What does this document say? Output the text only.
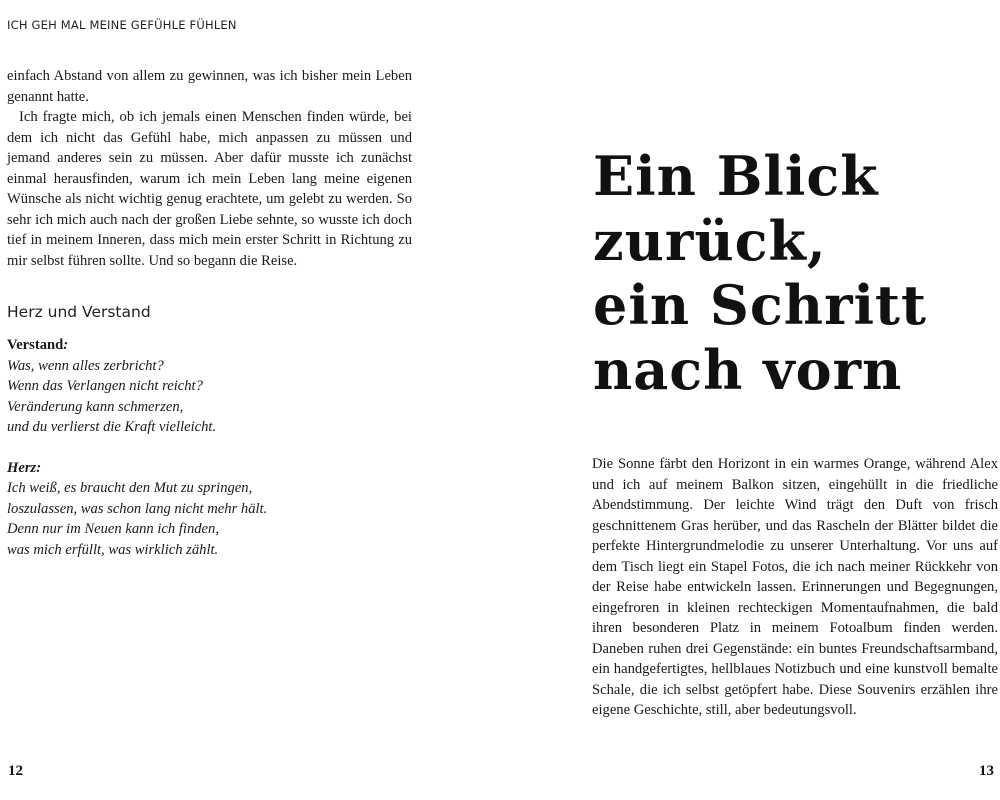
ICH GEH MAL MEINE GEFÜHLE FÜHLEN

einfach Abstand von allem zu gewinnen, was ich bisher mein Leben genannt hatte.

Ich fragte mich, ob ich jemals einen Menschen finden würde, bei dem ich nicht das Gefühl habe, mich anpassen zu müssen und jemand anderes sein zu müssen. Aber dafür musste ich zunächst einmal herausfinden, warum ich mein Leben lang meine eigenen Wünsche als nicht wichtig genug erachtete, um gelebt zu werden. So sehr ich mich auch nach der großen Liebe sehnte, so wusste ich doch tief in meinem Inneren, dass mich mein erster Schritt in Richtung zu mir selbst führen sollte. Und so begann die Reise.

Herz und Verstand
Verstand:
Was, wenn alles zerbricht?
Wenn das Verlangen nicht reicht?
Veränderung kann schmerzen,
und du verlierst die Kraft vielleicht.
Herz:
Ich weiß, es braucht den Mut zu springen,
loszulassen, was schon lang nicht mehr hält.
Denn nur im Neuen kann ich finden,
was mich erfüllt, was wirklich zählt.
12
Ein Blick
zurück,
ein Schritt
nach vorn

Die Sonne färbt den Horizont in ein warmes Orange, während Alex und ich auf meinem Balkon sitzen, eingehüllt in die friedliche Abendstimmung. Der leichte Wind trägt den Duft von frisch geschnittenem Gras herüber, und das Rascheln der Blätter bildet die perfekte Hintergrundmelodie zu unserer Unterhaltung. Vor uns auf dem Tisch liegt ein Stapel Fotos, die ich nach meiner Rückkehr von der Reise habe entwickeln lassen. Erinnerungen und Begegnungen, eingefroren in kleinen rechteckigen Momentaufnahmen, die bald ihren besonderen Platz in meinem Fotoalbum finden werden. Daneben ruhen drei Gegenstände: ein buntes Freundschaftsarmband, ein handgefertigtes, hellblaues Notizbuch und eine kunstvoll bemalte Schale, die ich selbst getöpfert habe. Diese Souvenirs erzählen ihre eigene Geschichte, still, aber bedeutungsvoll.

13
